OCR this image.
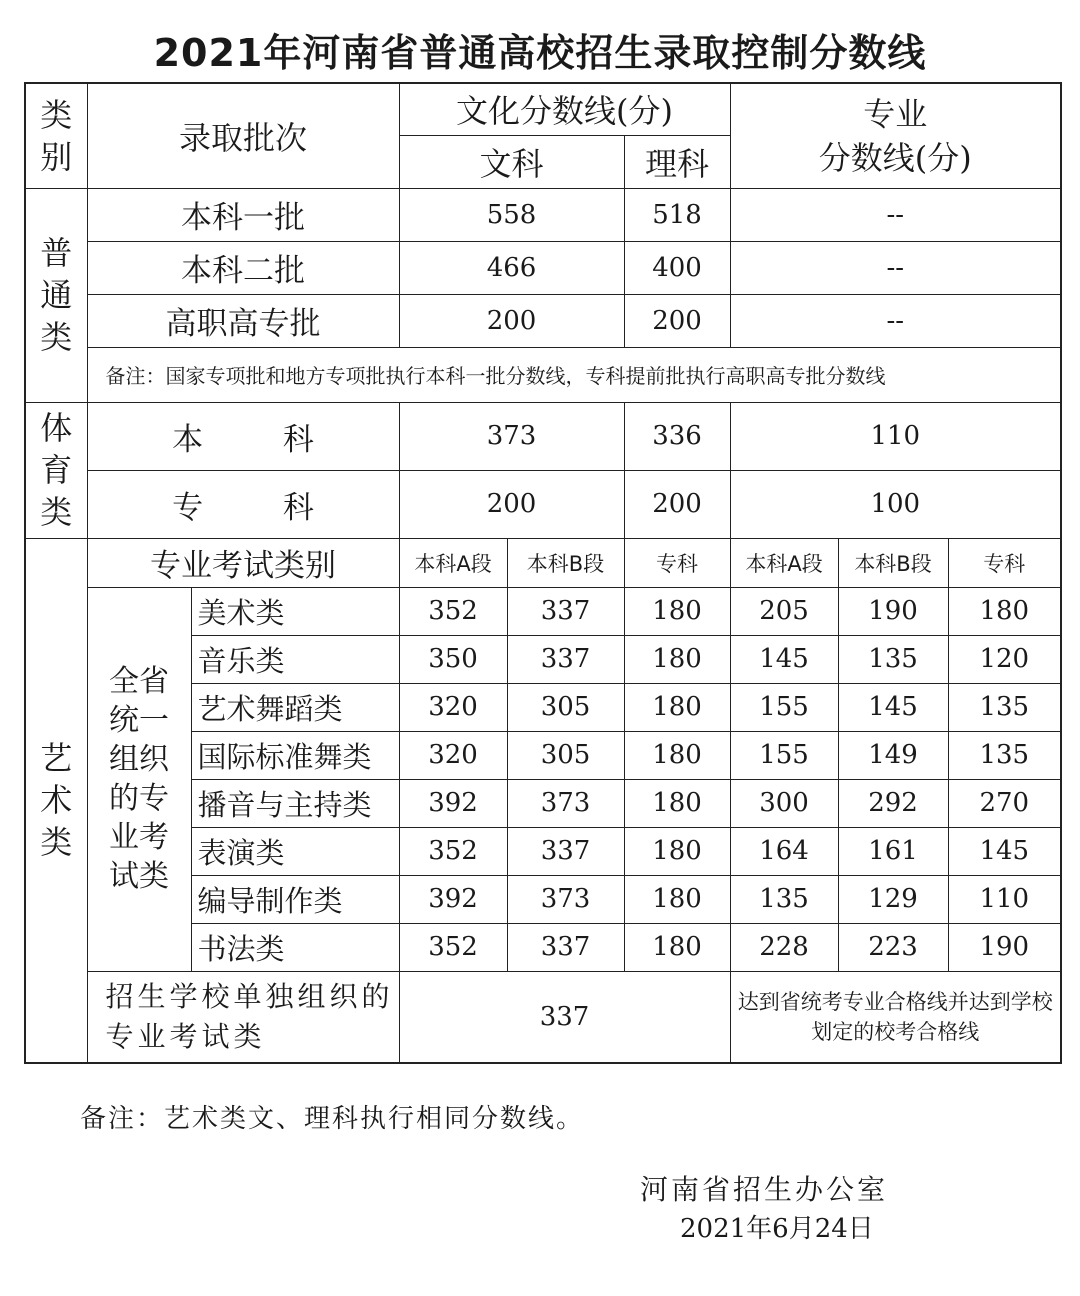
2021年河南省普通高校招生录取控制分数线
类别	录取批次		文化分数线(分)			专业
分数线(分)		

			文科		理科			
普通类	本科一批		558		518	--		
	本科二批		466		400	--		
	高职高专批		200		200	--		
	备注：国家专项批和地方专项批执行本科一批分数线，专科提前批执行高职高专批分数线							
体育类	本 科		373		336	110		
	专 科		200		200	100		
艺术类	专业考试类别		本科A段	本科B段	专科	本科A段	本科B段	专科
	全省统一组织的专业考试类	美术类	352	337	180	205	190	180
		音乐类	350	337	180	145	135	120
		艺术舞蹈类	320	305	180	155	145	135
		国际标准舞类	320	305	180	155	149	135
		播音与主持类	392	373	180	300	292	270
		表演类	352	337	180	164	161	145
		编导制作类	392	373	180	135	129	110
		书法类	352	337	180	228	223	190
	招生学校单独组织的专业考试类		337			达到省统考专业合格线并达到学校划定的校考合格线		
备注：艺术类文、理科执行相同分数线。
河南省招生办公室
2021年6月24日
